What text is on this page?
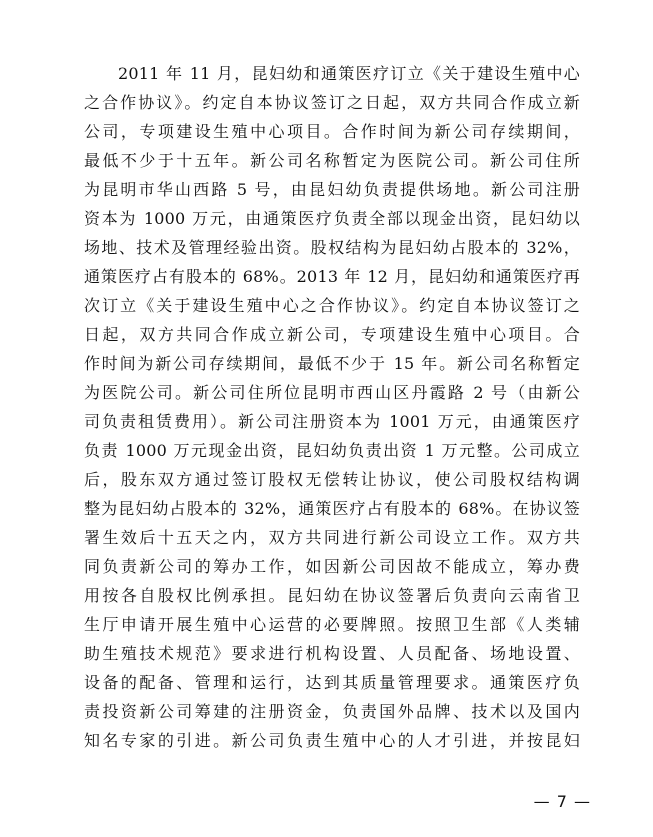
2011 年 11 月，昆妇幼和通策医疗订立《关于建设生殖中心
之合作协议》。约定自本协议签订之日起，双方共同合作成立新
公司，专项建设生殖中心项目。合作时间为新公司存续期间，
最低不少于十五年。新公司名称暂定为医院公司。新公司住所
为昆明市华山西路 5 号，由昆妇幼负责提供场地。新公司注册
资本为 1000 万元，由通策医疗负责全部以现金出资，昆妇幼以
场地、技术及管理经验出资。股权结构为昆妇幼占股本的 32%，
通策医疗占有股本的 68%。2013 年 12 月，昆妇幼和通策医疗再
次订立《关于建设生殖中心之合作协议》。约定自本协议签订之
日起，双方共同合作成立新公司，专项建设生殖中心项目。合
作时间为新公司存续期间，最低不少于 15 年。新公司名称暂定
为医院公司。新公司住所位昆明市西山区丹霞路 2 号（由新公
司负责租赁费用）。新公司注册资本为 1001 万元，由通策医疗
负责 1000 万元现金出资，昆妇幼负责出资 1 万元整。公司成立
后，股东双方通过签订股权无偿转让协议，使公司股权结构调
整为昆妇幼占股本的 32%，通策医疗占有股本的 68%。在协议签
署生效后十五天之内，双方共同进行新公司设立工作。双方共
同负责新公司的筹办工作，如因新公司因故不能成立，筹办费
用按各自股权比例承担。昆妇幼在协议签署后负责向云南省卫
生厅申请开展生殖中心运营的必要牌照。按照卫生部《人类辅
助生殖技术规范》要求进行机构设置、人员配备、场地设置、
设备的配备、管理和运行，达到其质量管理要求。通策医疗负
责投资新公司筹建的注册资金，负责国外品牌、技术以及国内
知名专家的引进。新公司负责生殖中心的人才引进，并按昆妇
— 7 —
